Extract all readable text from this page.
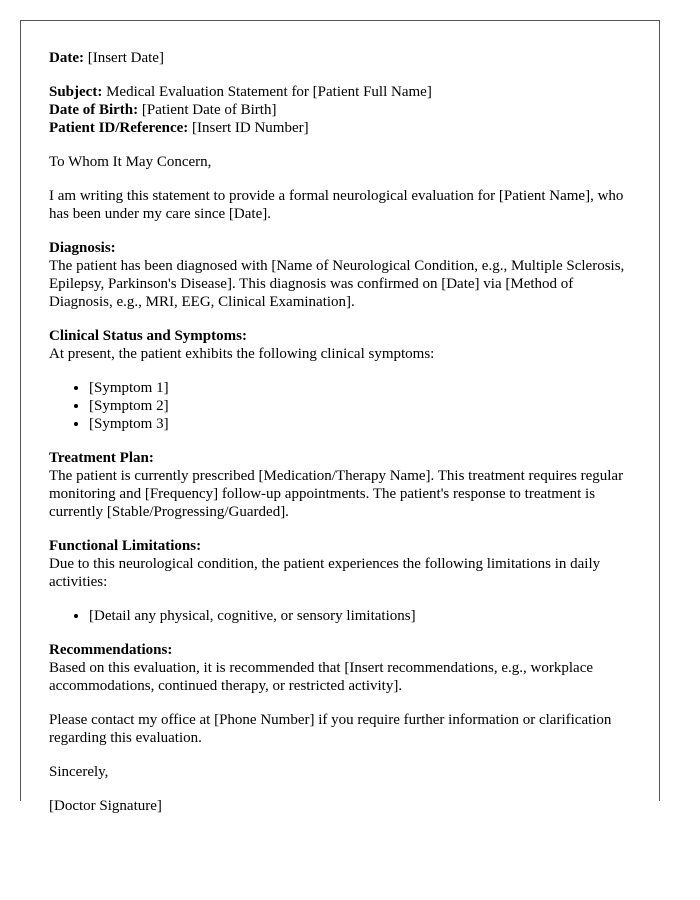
Date: [Insert Date]

Subject: Medical Evaluation Statement for [Patient Full Name]
Date of Birth: [Patient Date of Birth]
Patient ID/Reference: [Insert ID Number]

To Whom It May Concern,

I am writing this statement to provide a formal neurological evaluation for [Patient Name], who has been under my care since [Date].

Diagnosis:
The patient has been diagnosed with [Name of Neurological Condition, e.g., Multiple Sclerosis, Epilepsy, Parkinson's Disease]. This diagnosis was confirmed on [Date] via [Method of Diagnosis, e.g., MRI, EEG, Clinical Examination].

Clinical Status and Symptoms:
At present, the patient exhibits the following clinical symptoms:

• [Symptom 1]
• [Symptom 2]
• [Symptom 3]

Treatment Plan:
The patient is currently prescribed [Medication/Therapy Name]. This treatment requires regular monitoring and [Frequency] follow-up appointments. The patient's response to treatment is currently [Stable/Progressing/Guarded].

Functional Limitations:
Due to this neurological condition, the patient experiences the following limitations in daily activities:

• [Detail any physical, cognitive, or sensory limitations]

Recommendations:
Based on this evaluation, it is recommended that [Insert recommendations, e.g., workplace accommodations, continued therapy, or restricted activity].

Please contact my office at [Phone Number] if you require further information or clarification regarding this evaluation.

Sincerely,

[Doctor Signature]
